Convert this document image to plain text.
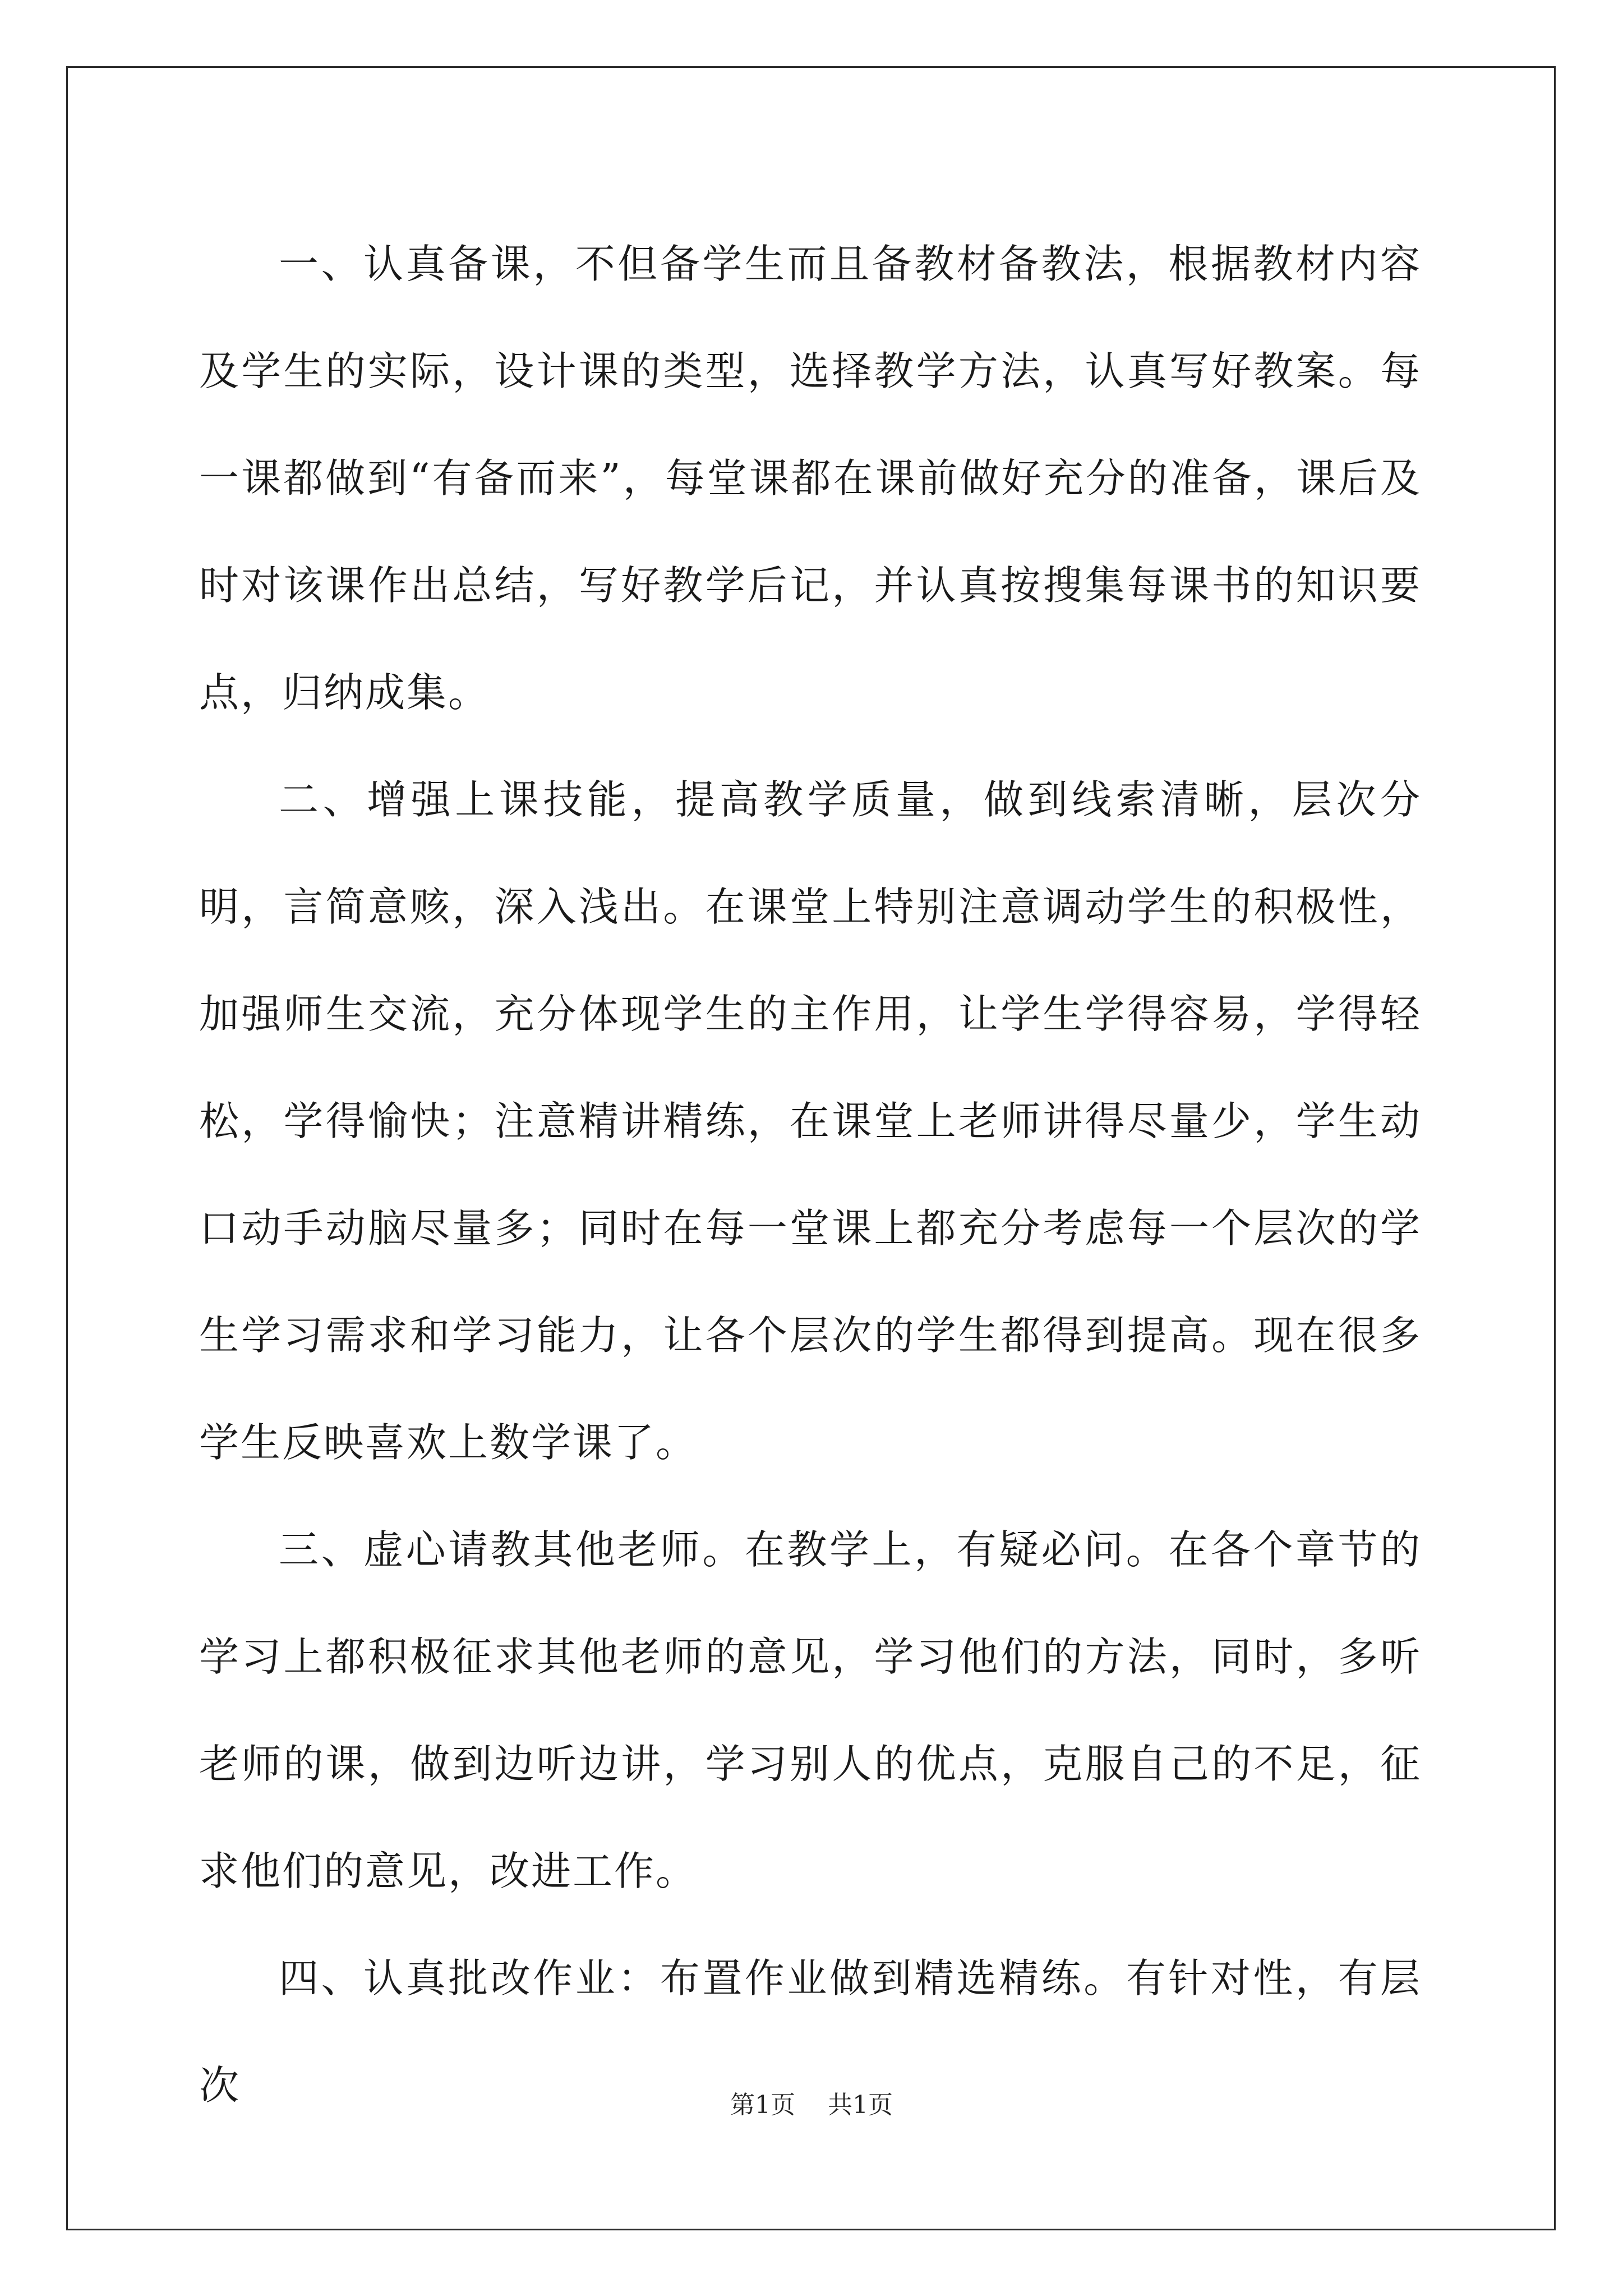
一、认真备课，不但备学生而且备教材备教法，根据教材内容及学生的实际，设计课的类型，选择教学方法，认真写好教案。每一课都做到“有备而来”，每堂课都在课前做好充分的准备，课后及时对该课作出总结，写好教学后记，并认真按搜集每课书的知识要点，归纳成集。

二、增强上课技能，提高教学质量，做到线索清晰，层次分明，言简意赅，深入浅出。在课堂上特别注意调动学生的积极性，加强师生交流，充分体现学生的主作用，让学生学得容易，学得轻松，学得愉快；注意精讲精练，在课堂上老师讲得尽量少，学生动口动手动脑尽量多；同时在每一堂课上都充分考虑每一个层次的学生学习需求和学习能力，让各个层次的学生都得到提高。现在很多学生反映喜欢上数学课了。

三、虚心请教其他老师。在教学上，有疑必问。在各个章节的学习上都积极征求其他老师的意见，学习他们的方法，同时，多听老师的课，做到边听边讲，学习别人的优点，克服自己的不足，征求他们的意见，改进工作。

四、认真批改作业：布置作业做到精选精练。有针对性，有层次	第1页 共1页
